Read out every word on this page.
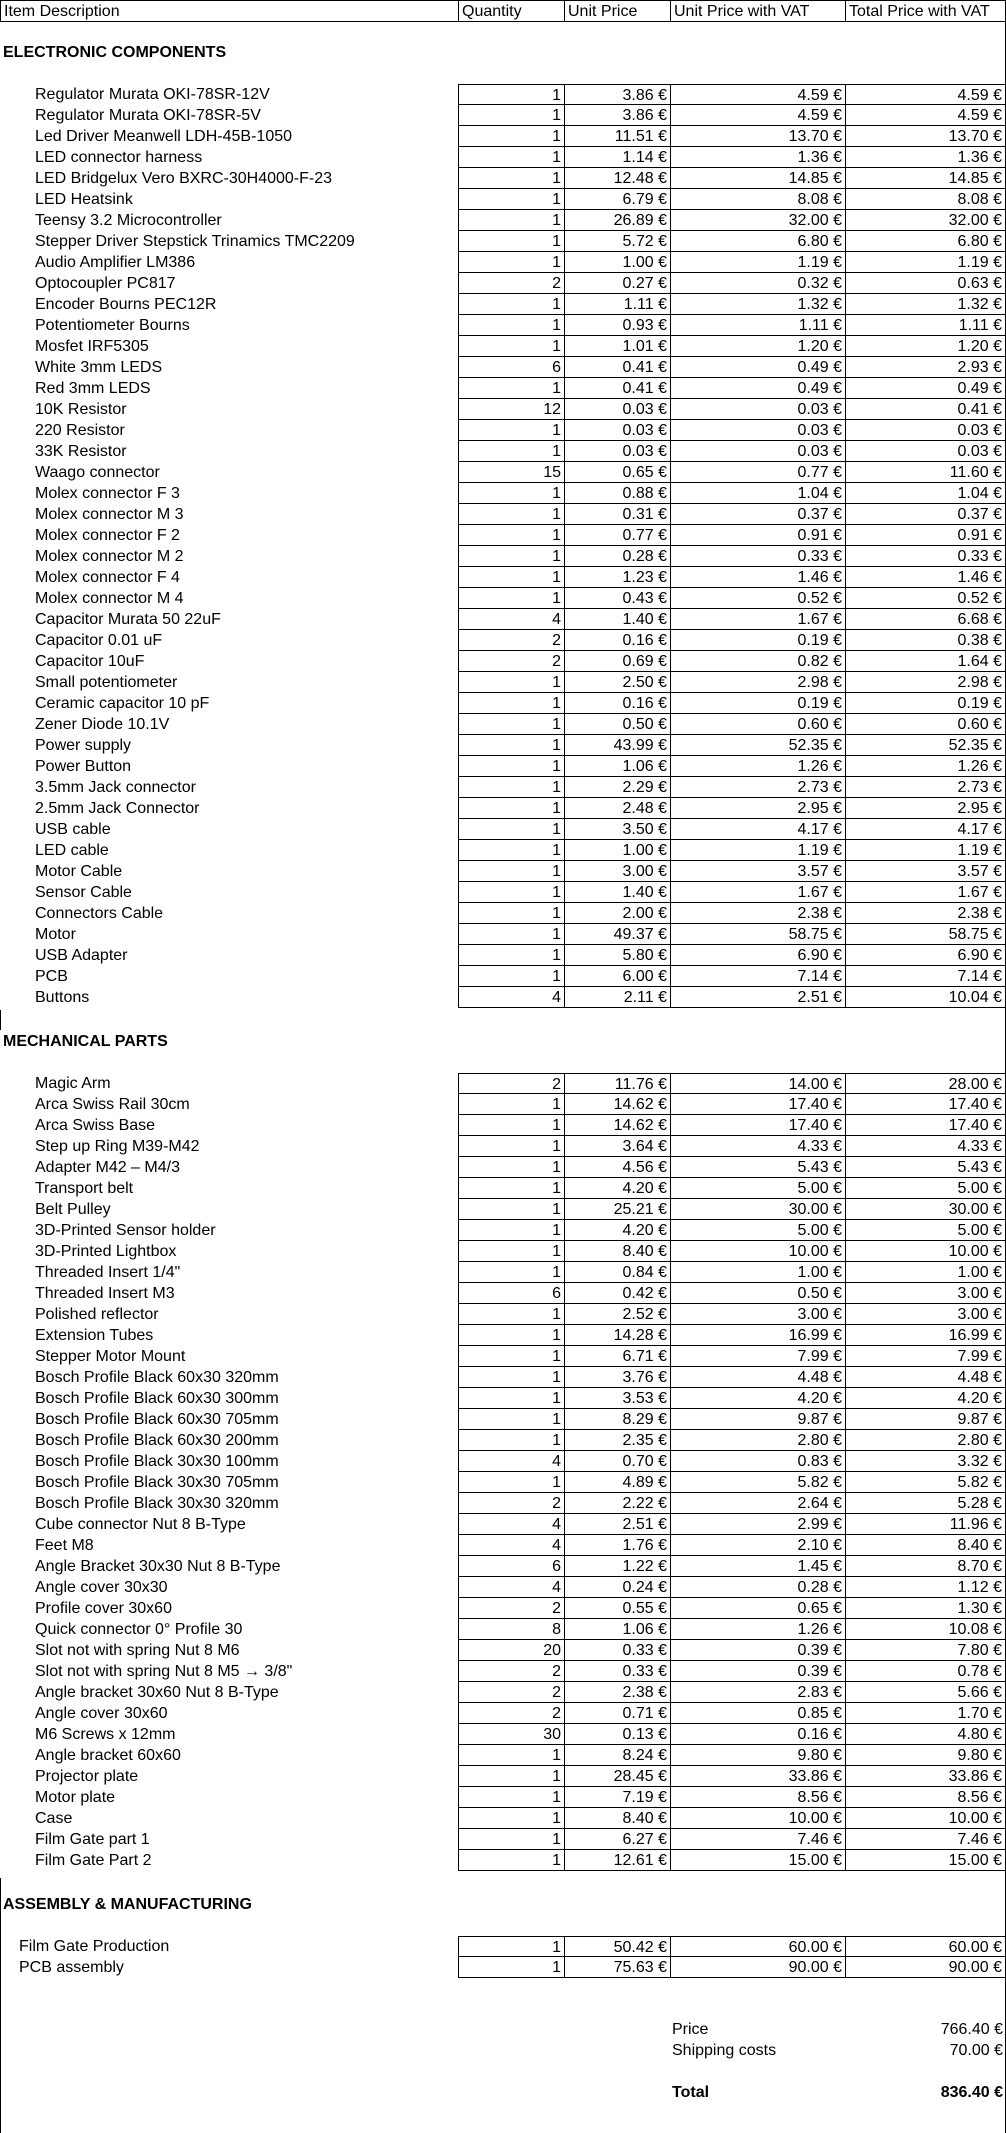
Item Description	Quantity	Unit Price	Unit Price with VAT	Total Price with VAT
ELECTRONIC COMPONENTS
Regulator Murata OKI-78SR-12V	1	3.86 €	4.59 €	4.59 €
Regulator Murata OKI-78SR-5V	1	3.86 €	4.59 €	4.59 €
Led Driver Meanwell LDH-45B-1050	1	11.51 €	13.70 €	13.70 €
LED connector harness	1	1.14 €	1.36 €	1.36 €
LED Bridgelux Vero BXRC-30H4000-F-23	1	12.48 €	14.85 €	14.85 €
LED Heatsink	1	6.79 €	8.08 €	8.08 €
Teensy 3.2 Microcontroller	1	26.89 €	32.00 €	32.00 €
Stepper Driver Stepstick Trinamics TMC2209	1	5.72 €	6.80 €	6.80 €
Audio Amplifier LM386	1	1.00 €	1.19 €	1.19 €
Optocoupler PC817	2	0.27 €	0.32 €	0.63 €
Encoder Bourns PEC12R	1	1.11 €	1.32 €	1.32 €
Potentiometer Bourns	1	0.93 €	1.11 €	1.11 €
Mosfet IRF5305	1	1.01 €	1.20 €	1.20 €
White 3mm LEDS	6	0.41 €	0.49 €	2.93 €
Red 3mm LEDS	1	0.41 €	0.49 €	0.49 €
10K Resistor	12	0.03 €	0.03 €	0.41 €
220 Resistor	1	0.03 €	0.03 €	0.03 €
33K Resistor	1	0.03 €	0.03 €	0.03 €
Waago connector	15	0.65 €	0.77 €	11.60 €
Molex connector F 3	1	0.88 €	1.04 €	1.04 €
Molex connector M 3	1	0.31 €	0.37 €	0.37 €
Molex connector F 2	1	0.77 €	0.91 €	0.91 €
Molex connector M 2	1	0.28 €	0.33 €	0.33 €
Molex connector F 4	1	1.23 €	1.46 €	1.46 €
Molex connector M 4	1	0.43 €	0.52 €	0.52 €
Capacitor Murata 50 22uF	4	1.40 €	1.67 €	6.68 €
Capacitor 0.01 uF	2	0.16 €	0.19 €	0.38 €
Capacitor 10uF	2	0.69 €	0.82 €	1.64 €
Small potentiometer	1	2.50 €	2.98 €	2.98 €
Ceramic capacitor 10 pF	1	0.16 €	0.19 €	0.19 €
Zener Diode 10.1V	1	0.50 €	0.60 €	0.60 €
Power supply	1	43.99 €	52.35 €	52.35 €
Power Button	1	1.06 €	1.26 €	1.26 €
3.5mm Jack connector	1	2.29 €	2.73 €	2.73 €
2.5mm Jack Connector	1	2.48 €	2.95 €	2.95 €
USB cable	1	3.50 €	4.17 €	4.17 €
LED cable	1	1.00 €	1.19 €	1.19 €
Motor Cable	1	3.00 €	3.57 €	3.57 €
Sensor Cable	1	1.40 €	1.67 €	1.67 €
Connectors Cable	1	2.00 €	2.38 €	2.38 €
Motor	1	49.37 €	58.75 €	58.75 €
USB Adapter	1	5.80 €	6.90 €	6.90 €
PCB	1	6.00 €	7.14 €	7.14 €
Buttons	4	2.11 €	2.51 €	10.04 €
MECHANICAL PARTS
Magic Arm	2	11.76 €	14.00 €	28.00 €
Arca Swiss Rail 30cm	1	14.62 €	17.40 €	17.40 €
Arca Swiss Base	1	14.62 €	17.40 €	17.40 €
Step up Ring M39-M42	1	3.64 €	4.33 €	4.33 €
Adapter M42 – M4/3	1	4.56 €	5.43 €	5.43 €
Transport belt	1	4.20 €	5.00 €	5.00 €
Belt Pulley	1	25.21 €	30.00 €	30.00 €
3D-Printed Sensor holder	1	4.20 €	5.00 €	5.00 €
3D-Printed Lightbox	1	8.40 €	10.00 €	10.00 €
Threaded Insert 1/4"	1	0.84 €	1.00 €	1.00 €
Threaded Insert M3	6	0.42 €	0.50 €	3.00 €
Polished reflector	1	2.52 €	3.00 €	3.00 €
Extension Tubes	1	14.28 €	16.99 €	16.99 €
Stepper Motor Mount	1	6.71 €	7.99 €	7.99 €
Bosch Profile Black 60x30 320mm	1	3.76 €	4.48 €	4.48 €
Bosch Profile Black 60x30 300mm	1	3.53 €	4.20 €	4.20 €
Bosch Profile Black 60x30 705mm	1	8.29 €	9.87 €	9.87 €
Bosch Profile Black 60x30 200mm	1	2.35 €	2.80 €	2.80 €
Bosch Profile Black 30x30 100mm	4	0.70 €	0.83 €	3.32 €
Bosch Profile Black 30x30 705mm	1	4.89 €	5.82 €	5.82 €
Bosch Profile Black 30x30 320mm	2	2.22 €	2.64 €	5.28 €
Cube connector Nut 8 B-Type	4	2.51 €	2.99 €	11.96 €
Feet M8	4	1.76 €	2.10 €	8.40 €
Angle Bracket 30x30 Nut 8 B-Type	6	1.22 €	1.45 €	8.70 €
Angle cover 30x30	4	0.24 €	0.28 €	1.12 €
Profile cover 30x60	2	0.55 €	0.65 €	1.30 €
Quick connector 0° Profile 30	8	1.06 €	1.26 €	10.08 €
Slot not with spring Nut 8 M6	20	0.33 €	0.39 €	7.80 €
Slot not with spring Nut 8 M5 → 3/8"	2	0.33 €	0.39 €	0.78 €
Angle bracket 30x60 Nut 8 B-Type	2	2.38 €	2.83 €	5.66 €
Angle cover 30x60	2	0.71 €	0.85 €	1.70 €
M6 Screws x 12mm	30	0.13 €	0.16 €	4.80 €
Angle bracket 60x60	1	8.24 €	9.80 €	9.80 €
Projector plate	1	28.45 €	33.86 €	33.86 €
Motor plate	1	7.19 €	8.56 €	8.56 €
Case	1	8.40 €	10.00 €	10.00 €
Film Gate part 1	1	6.27 €	7.46 €	7.46 €
Film Gate Part 2	1	12.61 €	15.00 €	15.00 €
ASSEMBLY & MANUFACTURING
Film Gate Production	1	50.42 €	60.00 €	60.00 €
PCB assembly	1	75.63 €	90.00 €	90.00 €
Price	766.40 €
Shipping costs	70.00 €
Total	836.40 €
